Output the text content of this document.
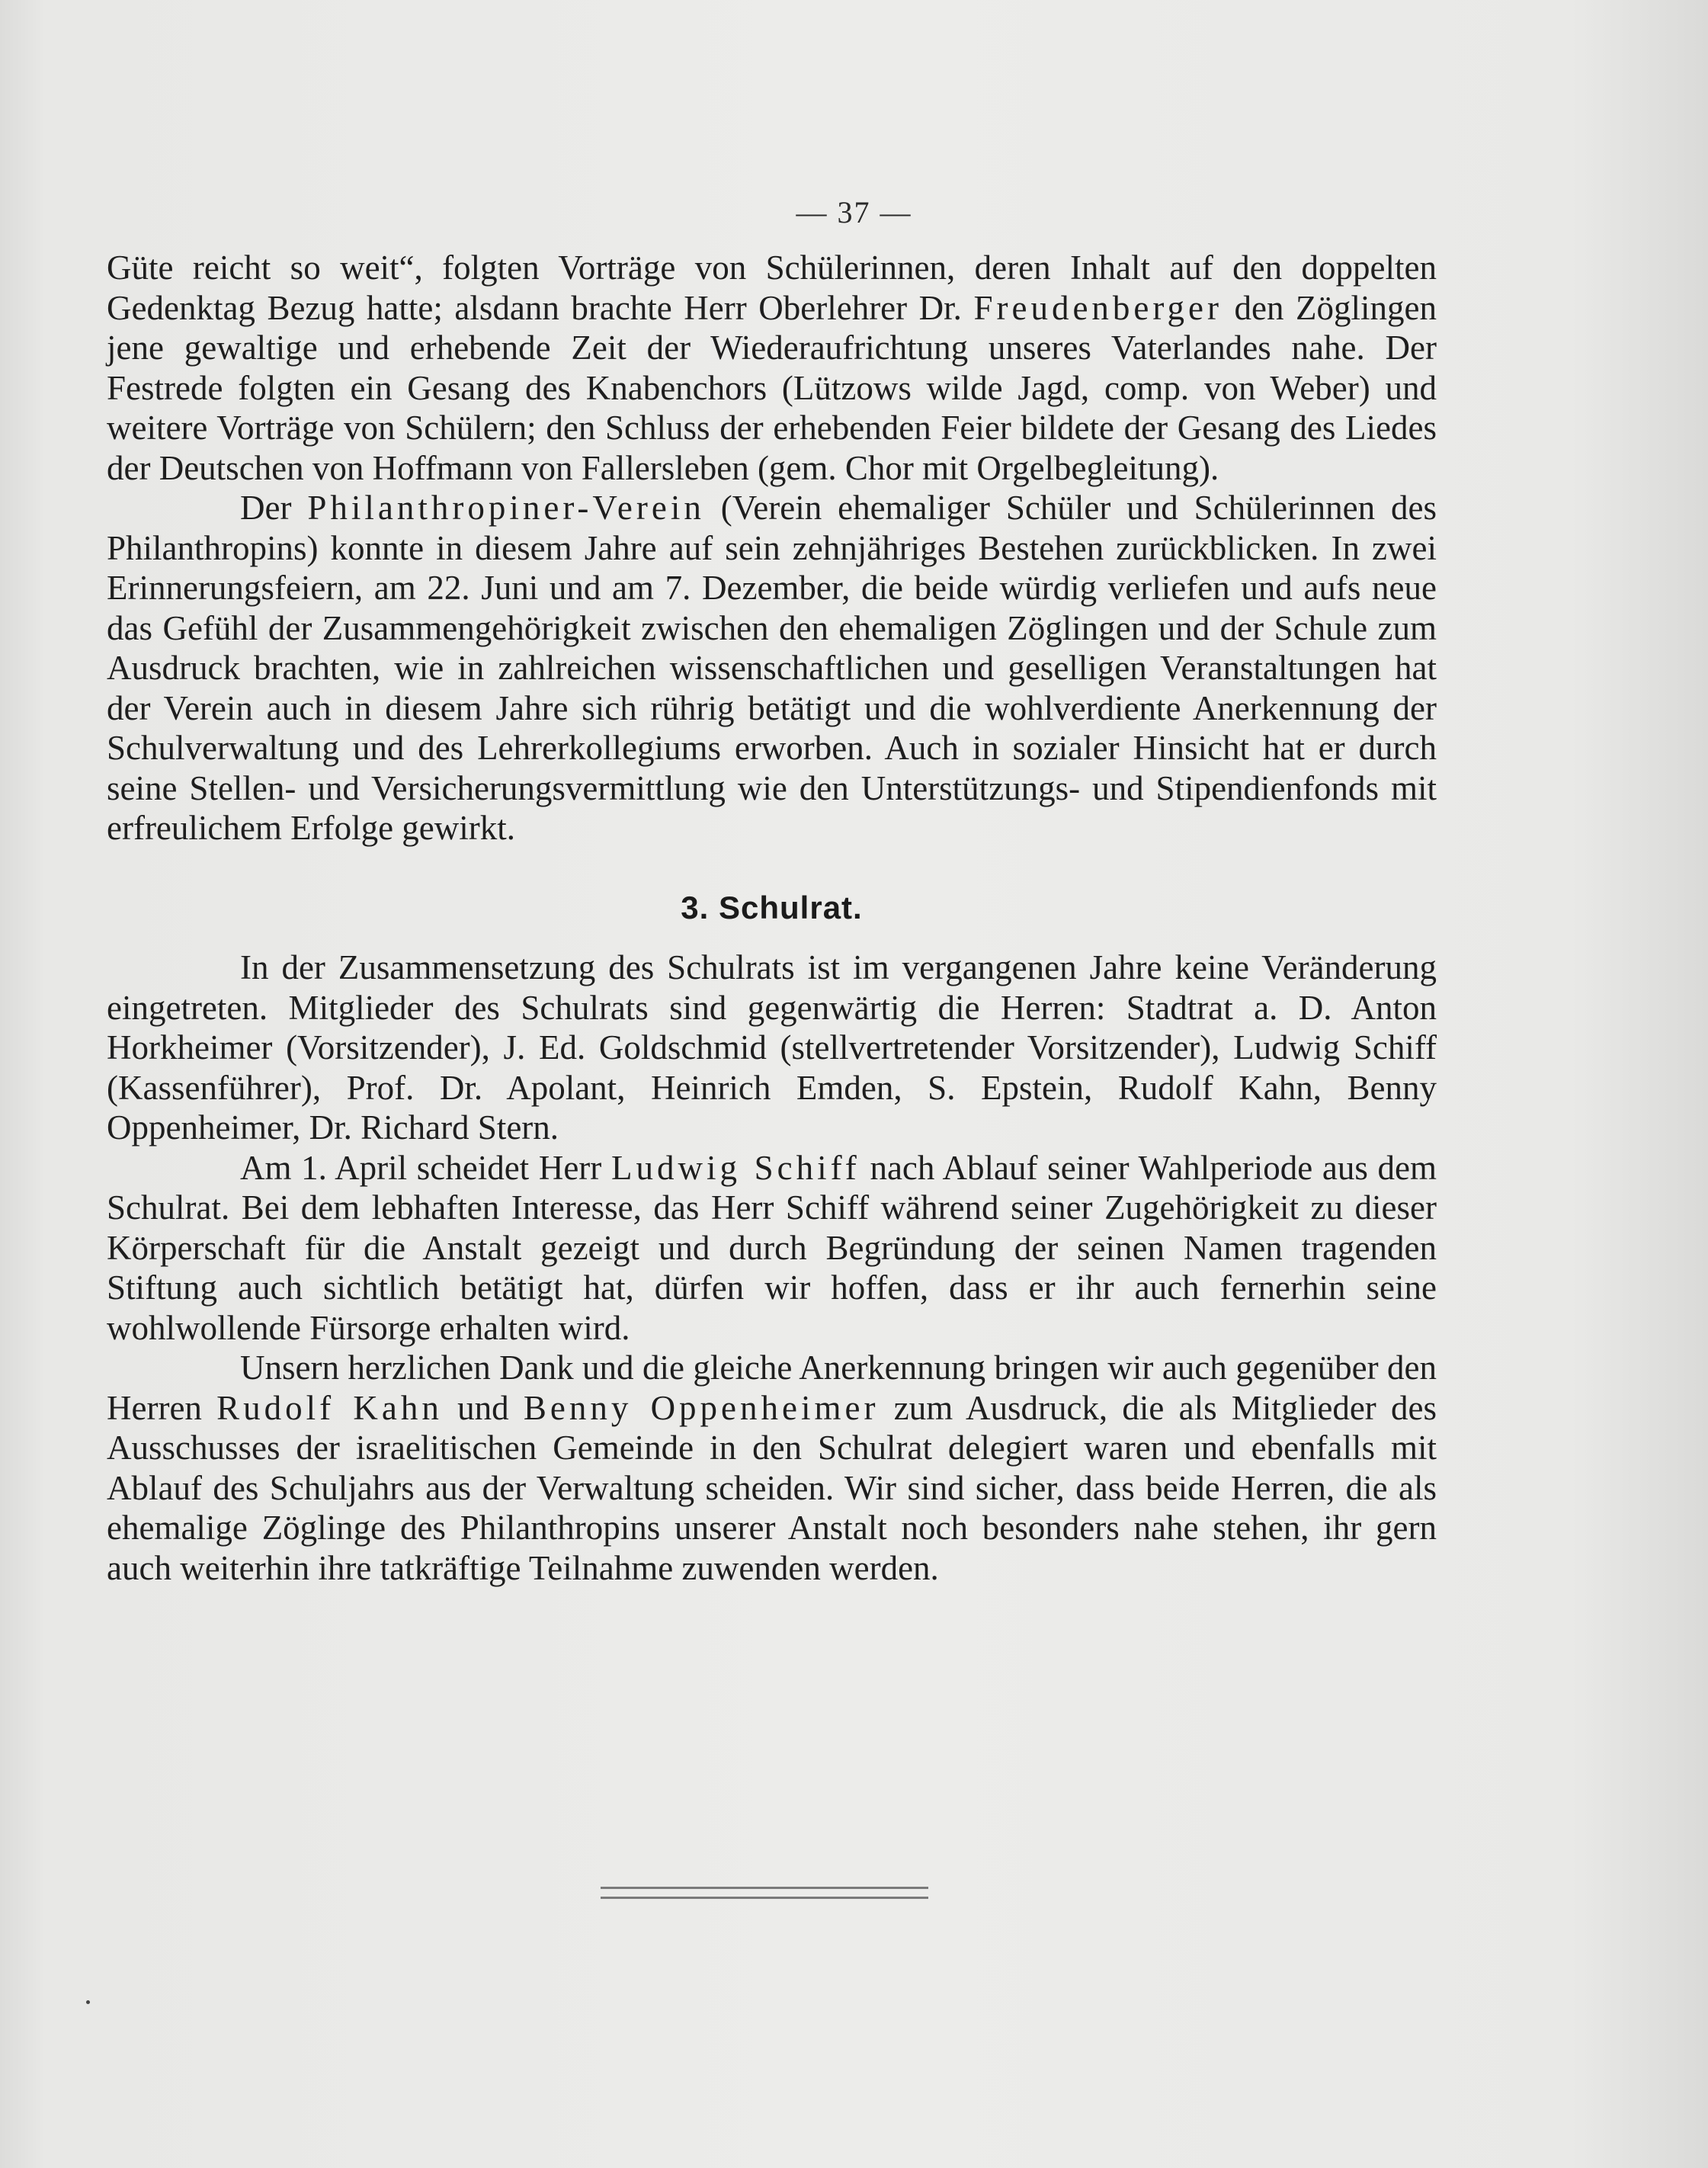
— 37 —

Güte reicht so weit“, folgten Vorträge von Schülerinnen, deren Inhalt auf den doppelten Gedenktag Bezug hatte; alsdann brachte Herr Oberlehrer Dr. Freudenberger den Zöglingen jene gewaltige und erhebende Zeit der Wiederaufrichtung unseres Vaterlandes nahe. Der Festrede folgten ein Gesang des Knabenchors (Lützows wilde Jagd, comp. von Weber) und weitere Vorträge von Schülern; den Schluss der erhebenden Feier bildete der Gesang des Liedes der Deutschen von Hoffmann von Fallersleben (gem. Chor mit Orgelbegleitung).

Der Philanthropiner-Verein (Verein ehemaliger Schüler und Schülerinnen des Philanthropins) konnte in diesem Jahre auf sein zehnjähriges Bestehen zurückblicken. In zwei Erinnerungsfeiern, am 22. Juni und am 7. Dezember, die beide würdig verliefen und aufs neue das Gefühl der Zusammengehörigkeit zwischen den ehemaligen Zöglingen und der Schule zum Ausdruck brachten, wie in zahlreichen wissenschaftlichen und geselligen Veranstaltungen hat der Verein auch in diesem Jahre sich rührig betätigt und die wohlverdiente Anerkennung der Schulverwaltung und des Lehrerkollegiums erworben. Auch in sozialer Hinsicht hat er durch seine Stellen- und Versicherungsvermittlung wie den Unterstützungs- und Stipendienfonds mit erfreulichem Erfolge gewirkt.

3. Schulrat.

In der Zusammensetzung des Schulrats ist im vergangenen Jahre keine Veränderung eingetreten. Mitglieder des Schulrats sind gegenwärtig die Herren: Stadtrat a. D. Anton Horkheimer (Vorsitzender), J. Ed. Goldschmid (stellvertretender Vorsitzender), Ludwig Schiff (Kassenführer), Prof. Dr. Apolant, Heinrich Emden, S. Epstein, Rudolf Kahn, Benny Oppenheimer, Dr. Richard Stern.

Am 1. April scheidet Herr Ludwig Schiff nach Ablauf seiner Wahlperiode aus dem Schulrat. Bei dem lebhaften Interesse, das Herr Schiff während seiner Zugehörigkeit zu dieser Körperschaft für die Anstalt gezeigt und durch Begründung der seinen Namen tragenden Stiftung auch sichtlich betätigt hat, dürfen wir hoffen, dass er ihr auch fernerhin seine wohlwollende Fürsorge erhalten wird.

Unsern herzlichen Dank und die gleiche Anerkennung bringen wir auch gegenüber den Herren Rudolf Kahn und Benny Oppenheimer zum Ausdruck, die als Mitglieder des Ausschusses der israelitischen Gemeinde in den Schulrat delegiert waren und ebenfalls mit Ablauf des Schuljahrs aus der Verwaltung scheiden. Wir sind sicher, dass beide Herren, die als ehemalige Zöglinge des Philanthropins unserer Anstalt noch besonders nahe stehen, ihr gern auch weiterhin ihre tatkräftige Teilnahme zuwenden werden.
